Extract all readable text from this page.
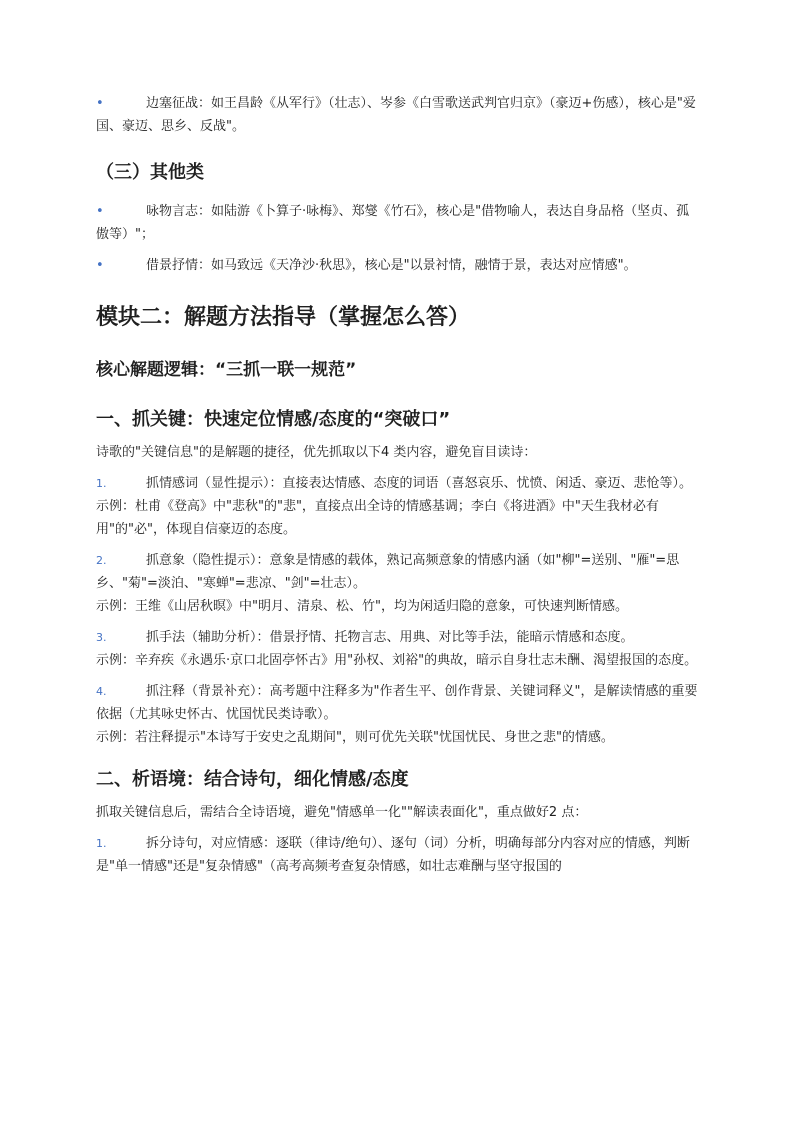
•	边塞征战：如王昌龄《从军行》（壮志）、岑参《白雪歌送武判官归京》（豪迈+伤感），核心是"爱国、豪迈、思乡、反战"。

（三）其他类

•	咏物言志：如陆游《卜算子·咏梅》、郑燮《竹石》，核心是"借物喻人，表达自身品格（坚贞、孤傲等）"；

•	借景抒情：如马致远《天净沙·秋思》，核心是"以景衬情，融情于景，表达对应情感"。

模块二：解题方法指导（掌握怎么答）
核心解题逻辑：“三抓一联一规范”
一、抓关键：快速定位情感/态度的“突破口”

诗歌的"关键信息"的是解题的捷径，优先抓取以下4 类内容，避免盲目读诗：

1.	抓情感词（显性提示）：直接表达情感、态度的词语（喜怒哀乐、忧愤、闲适、豪迈、悲怆等）。

示例：杜甫《登高》中"悲秋"的"悲"，直接点出全诗的情感基调；李白《将进酒》中"天生我材必有用"的"必"，体现自信豪迈的态度。

2.	抓意象（隐性提示）：意象是情感的载体，熟记高频意象的情感内涵（如"柳"=送别、"雁"=思乡、"菊"=淡泊、"寒蝉"=悲凉、"剑"=壮志）。

示例：王维《山居秋暝》中"明月、清泉、松、竹"，均为闲适归隐的意象，可快速判断情感。

3.	抓手法（辅助分析）：借景抒情、托物言志、用典、对比等手法，能暗示情感和态度。

示例：辛弃疾《永遇乐·京口北固亭怀古》用"孙权、刘裕"的典故，暗示自身壮志未酬、渴望报国的态度。

4.	抓注释（背景补充）：高考题中注释多为"作者生平、创作背景、关键词释义"，是解读情感的重要依据（尤其咏史怀古、忧国忧民类诗歌）。

示例：若注释提示"本诗写于安史之乱期间"，则可优先关联"忧国忧民、身世之悲"的情感。

二、析语境：结合诗句，细化情感/态度

抓取关键信息后，需结合全诗语境，避免"情感单一化""解读表面化"，重点做好2 点：

1.	拆分诗句，对应情感：逐联（律诗/绝句）、逐句（词）分析，明确每部分内容对应的情感，判断是"单一情感"还是"复杂情感"（高考高频考查复杂情感，如壮志难酬与坚守报国的
